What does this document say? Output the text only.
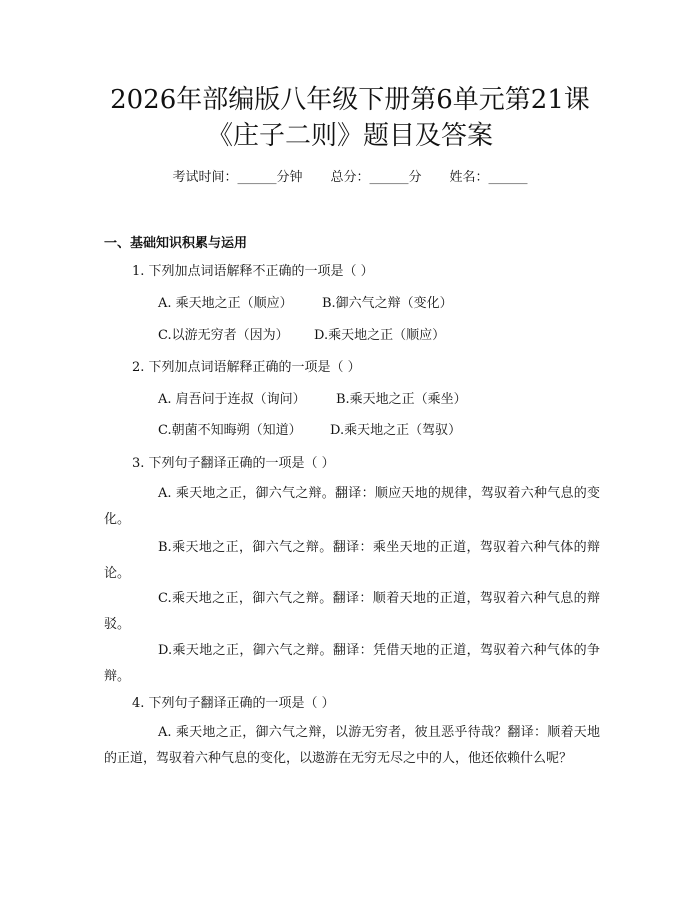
2026年部编版八年级下册第6单元第21课
《庄子二则》题目及答案
考试时间：______分钟 总分：______分 姓名：______
一、基础知识积累与运用
1. 下列加点词语解释不正确的一项是（ ）
A. 乘天地之正（顺应） B.御六气之辩（变化）
C.以游无穷者（因为） D.乘天地之正（顺应）
2. 下列加点词语解释正确的一项是（ ）
A. 肩吾问于连叔（询问） B.乘天地之正（乘坐）
C.朝菌不知晦朔（知道） D.乘天地之正（驾驭）
3. 下列句子翻译正确的一项是（ ）
A. 乘天地之正，御六气之辩。翻译：顺应天地的规律，驾驭着六种气息的变化。
B.乘天地之正，御六气之辩。翻译：乘坐天地的正道，驾驭着六种气体的辩论。
C.乘天地之正，御六气之辩。翻译：顺着天地的正道，驾驭着六种气息的辩驳。
D.乘天地之正，御六气之辩。翻译：凭借天地的正道，驾驭着六种气体的争辩。
4. 下列句子翻译正确的一项是（ ）
A. 乘天地之正，御六气之辩，以游无穷者，彼且恶乎待哉？翻译：顺着天地的正道，驾驭着六种气息的变化，以遨游在无穷无尽之中的人，他还依赖什么呢？
